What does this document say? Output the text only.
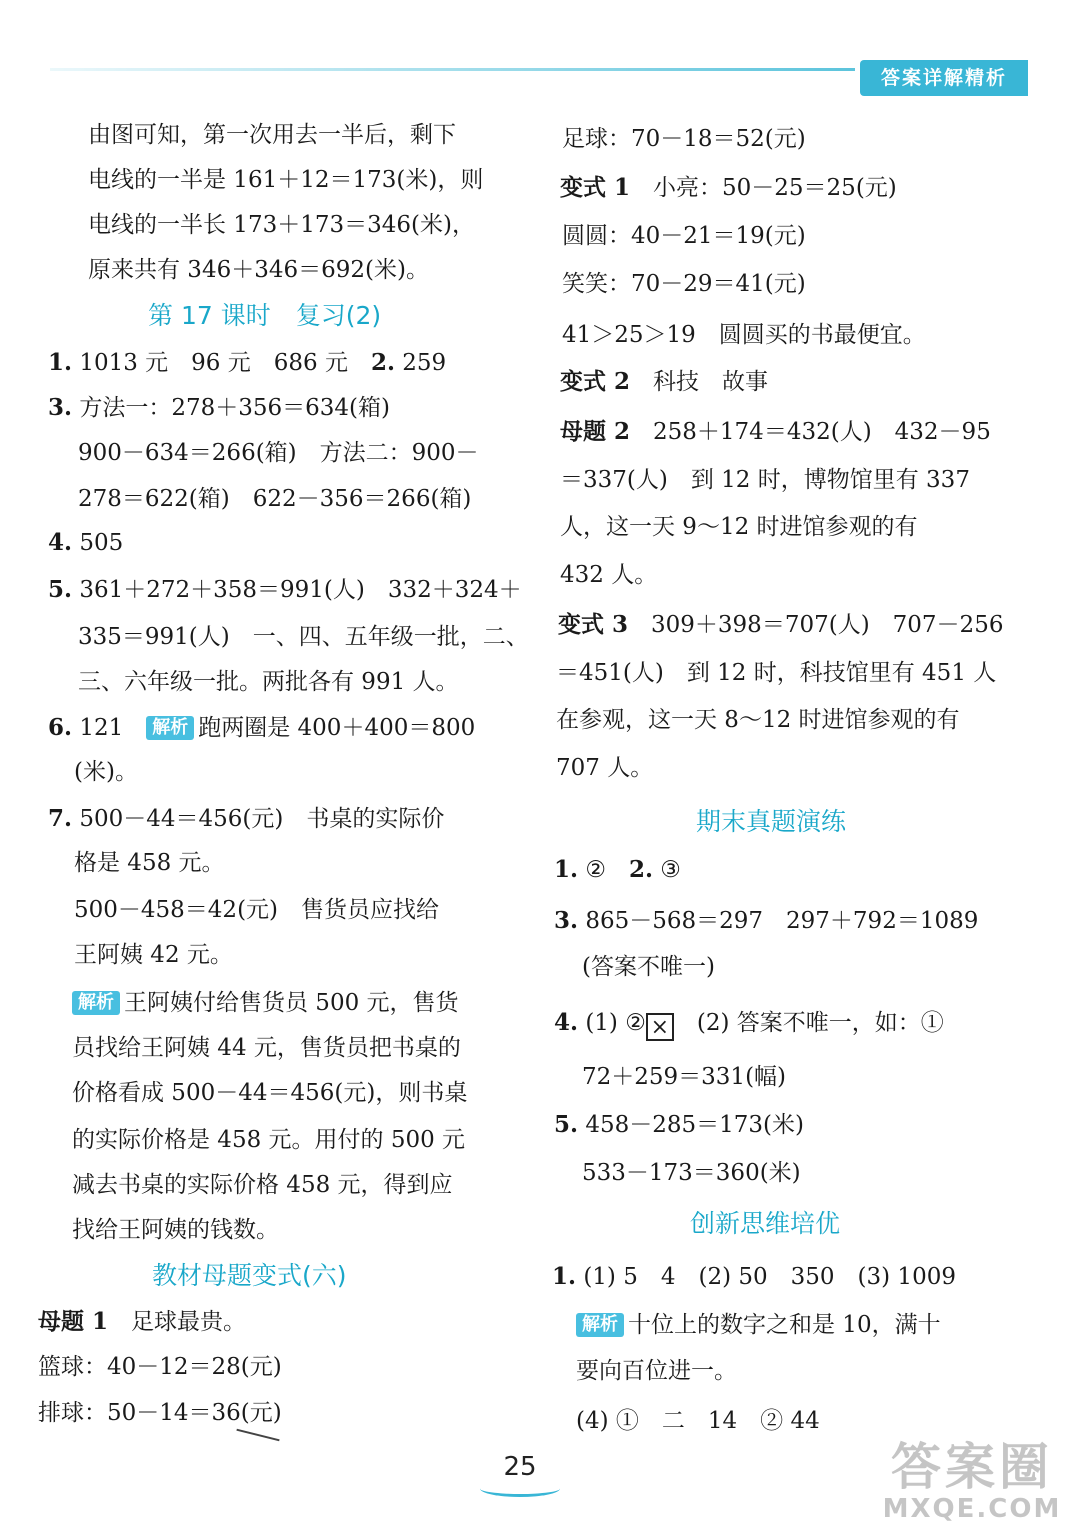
答案详解精析
由图可知，第一次用去一半后，剩下
电线的一半是 161＋12＝173(米)，则
电线的一半长 173＋173＝346(米)，
原来共有 346＋346＝692(米)。
第 17 课时　复习(2)
1. 1013 元　96 元　686 元　2. 259
3. 方法一：278＋356＝634(箱)
900－634＝266(箱)　方法二：900－
278＝622(箱)　622－356＝266(箱)
4. 505
5. 361＋272＋358＝991(人)　332＋324＋
335＝991(人)　一、四、五年级一批，二、
三、六年级一批。两批各有 991 人。
6. 121　解析 跑两圈是 400＋400＝800
(米)。
7. 500－44＝456(元)　书桌的实际价
格是 458 元。
500－458＝42(元)　售货员应找给
王阿姨 42 元。
解析 王阿姨付给售货员 500 元，售货
员找给王阿姨 44 元，售货员把书桌的
价格看成 500－44＝456(元)，则书桌
的实际价格是 458 元。用付的 500 元
减去书桌的实际价格 458 元，得到应
找给王阿姨的钱数。
教材母题变式(六)
母题 1　足球最贵。
篮球：40－12＝28(元)
排球：50－14＝36(元)
足球：70－18＝52(元)
变式 1　小亮：50－25＝25(元)
圆圆：40－21＝19(元)
笑笑：70－29＝41(元)
41＞25＞19　圆圆买的书最便宜。
变式 2　科技　故事
母题 2　258＋174＝432(人)　432－95
＝337(人)　到 12 时，博物馆里有 337
人，这一天 9～12 时进馆参观的有
432 人。
变式 3　309＋398＝707(人)　707－256
＝451(人)　到 12 时，科技馆里有 451 人
在参观，这一天 8～12 时进馆参观的有
707 人。
期末真题演练
1. ②　2. ③
3. 865－568＝297　297＋792＝1089
(答案不唯一)
4. (1) ② ×　(2) 答案不唯一，如：①
72＋259＝331(幅)
5. 458－285＝173(米)
533－173＝360(米)
创新思维培优
1. (1) 5　4　(2) 50　350　(3) 1009
解析 十位上的数字之和是 10，满十
要向百位进一。
(4) ①　二　14　② 44
25	答案圈
MXQE.COM
